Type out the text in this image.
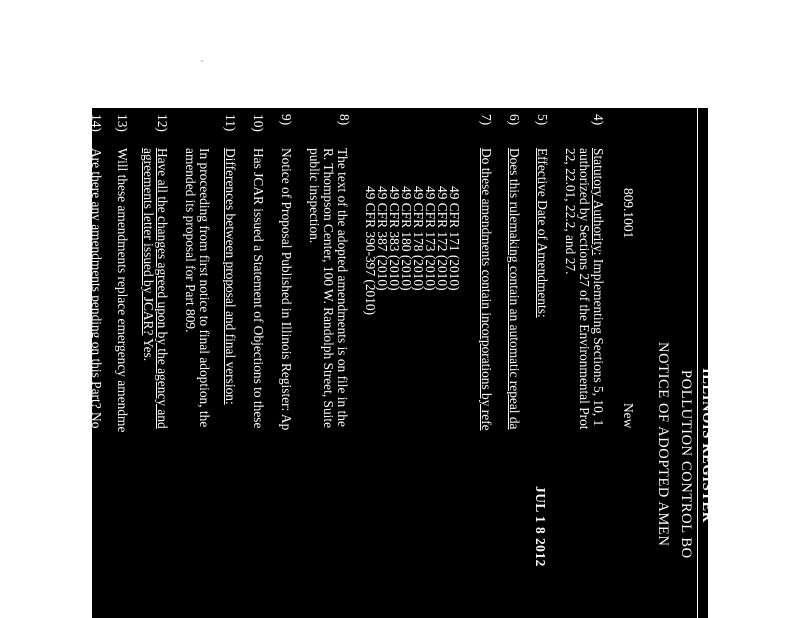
ILLINOIS REGISTER
POLLUTION CONTROL BO
NOTICE OF ADOPTED AMEN
809.1001
New
4)
Statutory Authority: Implementing Sections 5, 10, 1
authorized by Sections 27 of the Environmental Prot
22, 22.01, 22.2, and 27.
5)
Effective Date of Amendments:
JUL 1 8 2012
6)
Does this rulemaking contain an automatic repeal da
7)
Do these amendments contain incorporations by refe
49 CFR 171 (2010)
49 CFR 172 (2010)
49 CFR 173 (2010)
49 CFR 178 (2010)
49 CFR 180 (2010)
49 CFR 383 (2010)
49 CFR 387 (2010)
49 CFR 390-397 (2010)
8)
The text of the adopted amendments is on file in the
R. Thompson Center, 100 W. Randolph Street, Suite
public inspection.
9)
Notice of Proposal Published in Illinois Register: Ap
10)
Has JCAR issued a Statement of Objections to these
11)
Differences between proposal and final version:
In proceeding from first notice to final adoption, the
amended its proposal for Part 809.
12)
Have all the changes agreed upon by the agency and
agreements letter issued by JCAR? Yes.
13)
Will these amendments replace emergency amendme
14)
Are there any amendments pending on this Part? No
